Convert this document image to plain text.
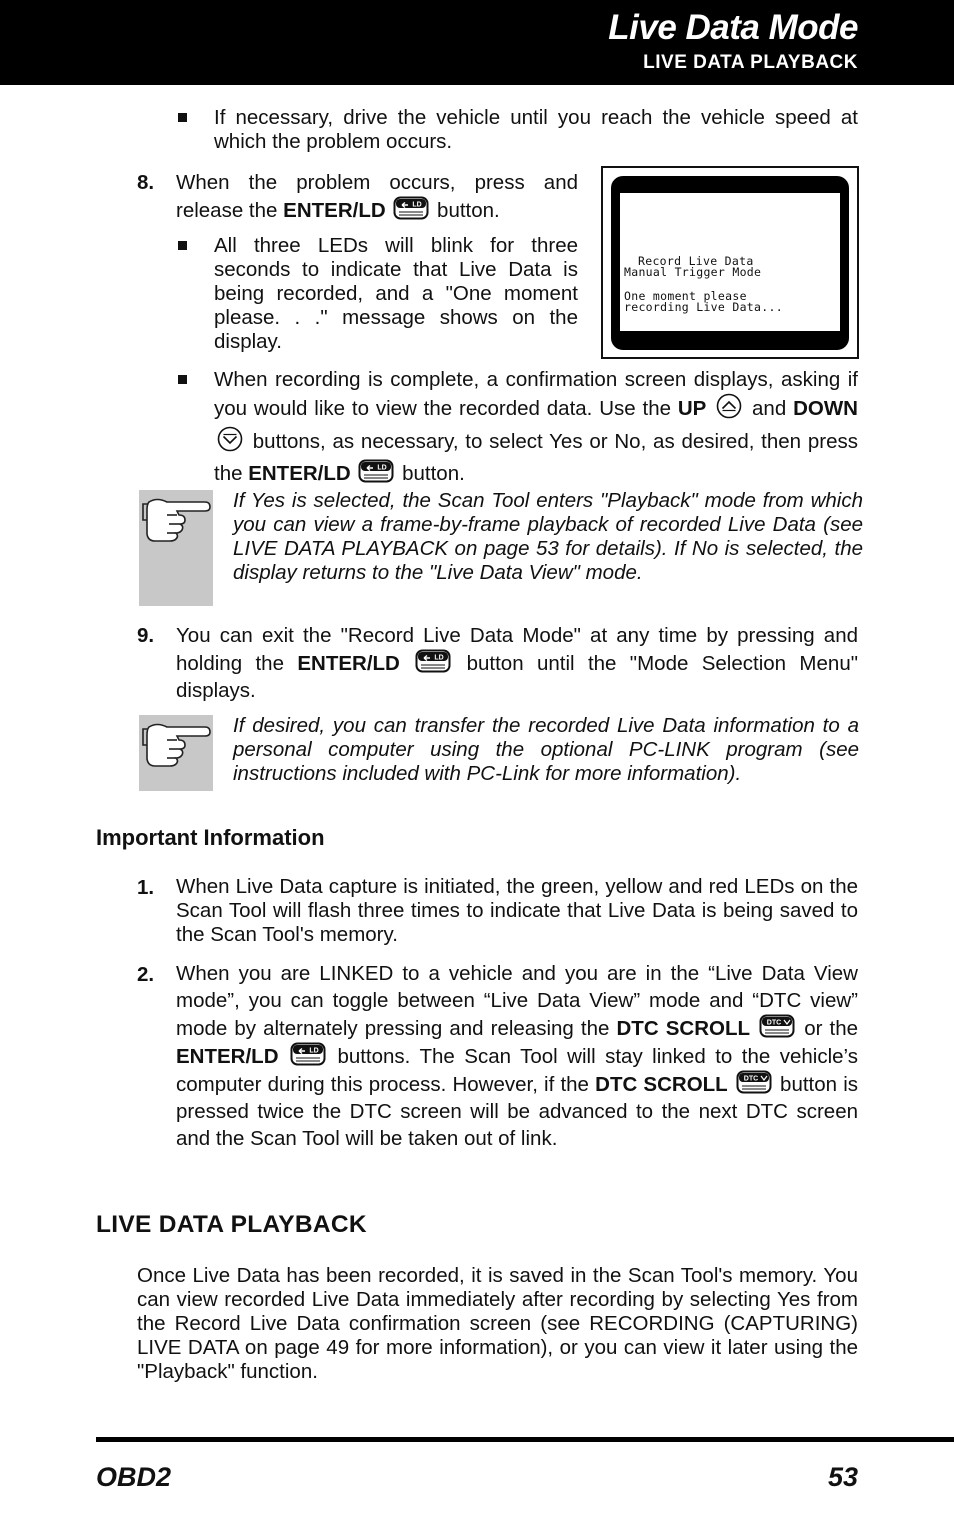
Live Data Mode
LIVE DATA PLAYBACK
If necessary, drive the vehicle until you reach the vehicle speed at which the problem occurs.
8. When the problem occurs, press and release the ENTER/LD	LD button.
All three LEDs will blink for three seconds to indicate that Live Data is being recorded, and a "One moment please. . ." message shows on the display.
Record Live Data
Manual Trigger Mode
One moment please
recording Live Data...
When recording is complete, a confirmation screen displays, asking if you would like to view the recorded data. Use the UP and DOWN  buttons, as necessary, to select Yes or No, as desired, then press the ENTER/LD	LD button.
If Yes is selected, the Scan Tool enters "Playback" mode from which you can view a frame-by-frame playback of recorded Live Data (see LIVE DATA PLAYBACK on page 53 for details). If No is selected, the display returns to the "Live Data View" mode.
9. You can exit the "Record Live Data Mode" at any time by pressing and holding the ENTER/LD	LD button until the "Mode Selection Menu" displays.
If desired, you can transfer the recorded Live Data information to a personal computer using the optional PC-LINK program (see instructions included with PC-Link for more information).
Important Information
1. When Live Data capture is initiated, the green, yellow and red LEDs on the Scan Tool will flash three times to indicate that Live Data is being saved to the Scan Tool's memory.
2. When you are LINKED to a vehicle and you are in the “Live Data View mode”, you can toggle between “Live Data View” mode and “DTC view” mode by alternately pressing and releasing the DTC SCROLL DTC or the ENTER/LD	LD buttons. The Scan Tool will stay linked to the vehicle’s computer during this process. However, if the DTC SCROLL DTC button is pressed twice the DTC screen will be advanced to the next DTC screen and the Scan Tool will be taken out of link.
LIVE DATA PLAYBACK
Once Live Data has been recorded, it is saved in the Scan Tool's memory. You can view recorded Live Data immediately after recording by selecting Yes from the Record Live Data confirmation screen (see RECORDING (CAPTURING) LIVE DATA on page 49 for more information), or you can view it later using the "Playback" function.
OBD2	53
